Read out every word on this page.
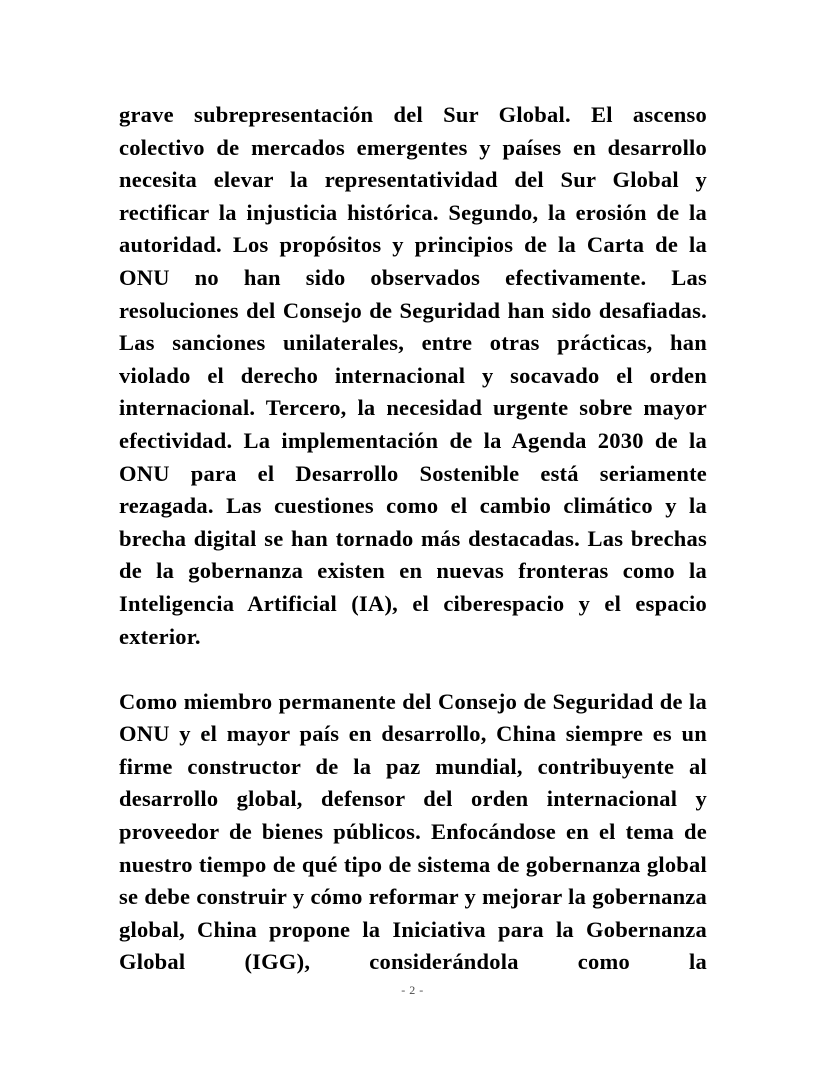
grave subrepresentación del Sur Global. El ascenso colectivo de mercados emergentes y países en desarrollo necesita elevar la representatividad del Sur Global y rectificar la injusticia histórica. Segundo, la erosión de la autoridad. Los propósitos y principios de la Carta de la ONU no han sido observados efectivamente. Las resoluciones del Consejo de Seguridad han sido desafiadas. Las sanciones unilaterales, entre otras prácticas, han violado el derecho internacional y socavado el orden internacional. Tercero, la necesidad urgente sobre mayor efectividad. La implementación de la Agenda 2030 de la ONU para el Desarrollo Sostenible está seriamente rezagada. Las cuestiones como el cambio climático y la brecha digital se han tornado más destacadas. Las brechas de la gobernanza existen en nuevas fronteras como la Inteligencia Artificial (IA), el ciberespacio y el espacio exterior.

Como miembro permanente del Consejo de Seguridad de la ONU y el mayor país en desarrollo, China siempre es un firme constructor de la paz mundial, contribuyente al desarrollo global, defensor del orden internacional y proveedor de bienes públicos. Enfocándose en el tema de nuestro tiempo de qué tipo de sistema de gobernanza global se debe construir y cómo reformar y mejorar la gobernanza global, China propone la Iniciativa para la Gobernanza Global (IGG), considerándola como la

- 2 -
